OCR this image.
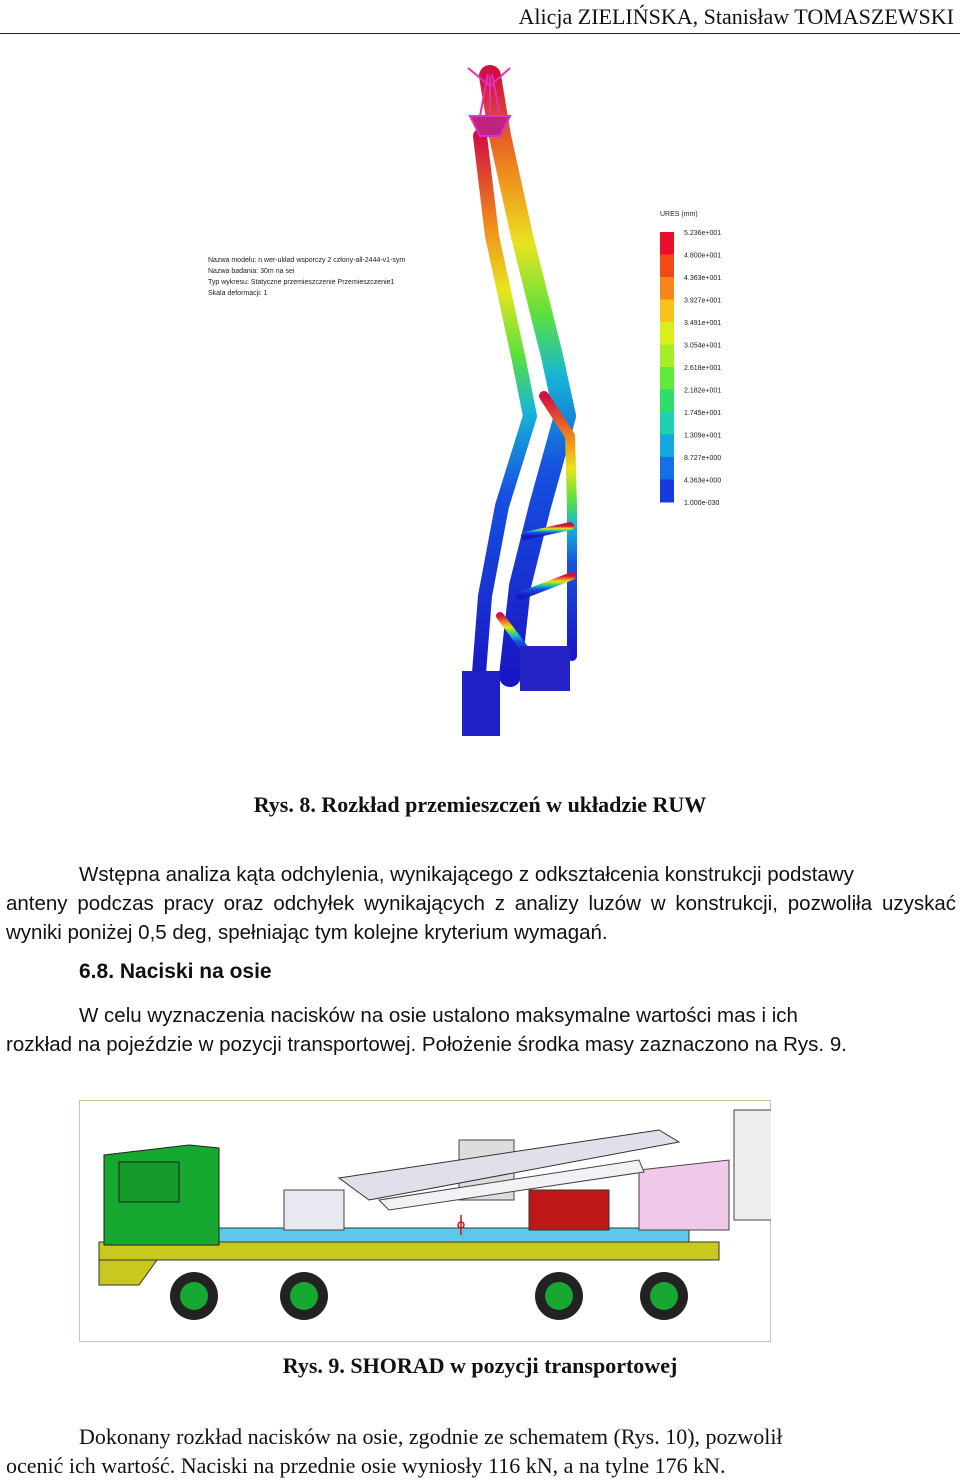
Alicja ZIELIŃSKA, Stanisław TOMASZEWSKI
Nazwa modelu: n wer-układ wsporczy 2 człony-all-2444-v1-sym
Nazwa badania: 30m na sei
Typ wykresu: Statyczne przemieszczenie Przemieszczenie1
Skala deformacji: 1
URES (mm)
5.236e+001
4.800e+001
4.363e+001
3.927e+001
3.491e+001
3.054e+001
2.618e+001
2.182e+001
1.745e+001
1.309e+001
8.727e+000
4.363e+000
1.000e-030
Rys. 8. Rozkład przemieszczeń w układzie RUW
Wstępna analiza kąta odchylenia, wynikającego z odkształcenia konstrukcji podstawy
anteny podczas pracy oraz odchyłek wynikających z analizy luzów w konstrukcji, pozwoliła uzyskać wyniki poniżej 0,5 deg, spełniając tym kolejne kryterium wymagań.
6.8. Naciski na osie
W celu wyznaczenia nacisków na osie ustalono maksymalne wartości mas i ich
rozkład na pojeździe w pozycji transportowej. Położenie środka masy zaznaczono na Rys. 9.
Rys. 9. SHORAD w pozycji transportowej
Dokonany rozkład nacisków na osie, zgodnie ze schematem (Rys. 10), pozwolił
ocenić ich wartość. Naciski na przednie osie wyniosły 116 kN, a na tylne 176 kN.
